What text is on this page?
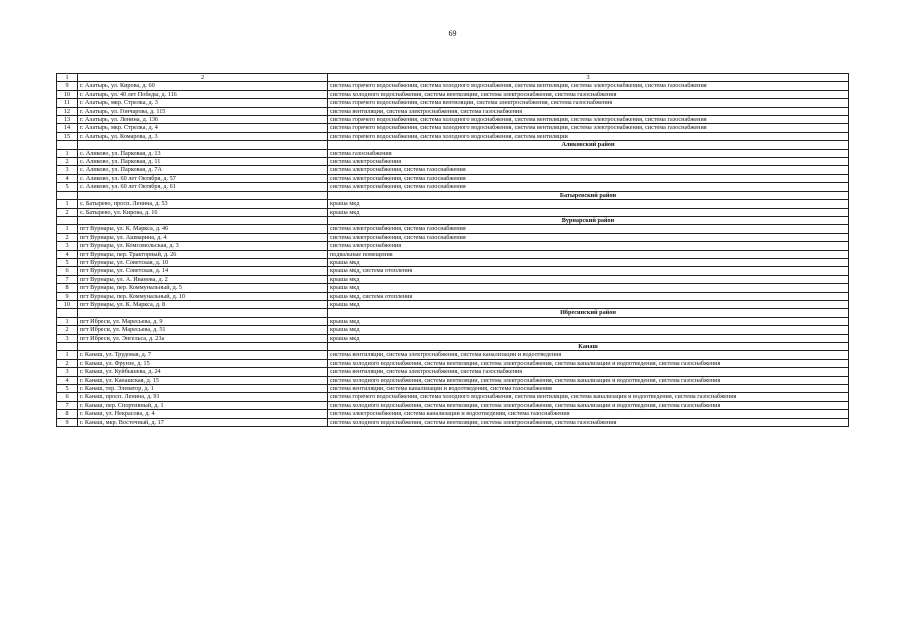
69
1	2	3
9	г. Алатырь, ул. Кирова, д. 60	система горячего водоснабжения, система холодного водоснабжения, система вентиляции, система электроснабжения, система газоснабжения
10	г. Алатырь, ул. 40 лет Победы, д. 116	система холодного водоснабжения, система вентиляции, система электроснабжения, система газоснабжения
11	г. Алатырь, мкр. Стрелка, д. 3	система горячего водоснабжения, система вентиляции, система электроснабжения, система газоснабжения
12	г. Алатырь, ул. Гончарова, д. 115	система вентиляции, система электроснабжения, система газоснабжения
13	г. Алатырь, ул. Ленина, д. 136	система горячего водоснабжения, система холодного водоснабжения, система вентиляции, система электроснабжения, система газоснабжения
14	г. Алатырь, мкр. Стрелка, д. 4	система горячего водоснабжения, система холодного водоснабжения, система вентиляции, система электроснабжения, система газоснабжения
15	г. Алатырь, ул. Комарова, д. 3	система горячего водоснабжения, система холодного водоснабжения, система вентиляции
		Аликовский район
1	с. Аликово, ул. Парковая, д. 13	система газоснабжения
2	с. Аликово, ул. Парковая, д. 11	система электроснабжения
3	с. Аликово, ул. Парковая, д. 7А	система электроснабжения, система газоснабжения
4	с. Аликово, ул. 60 лет Октября, д. 57	система электроснабжения, система газоснабжения
5	с. Аликово, ул. 60 лет Октября, д. 61	система электроснабжения, система газоснабжения
		Батыревский район
1	с. Батырево, просп. Ленина, д. 53	крыша мкд
2	с. Батырево, ул. Кирова, д. 16	крыша мкд
		Вурнарский район
1	пгт Вурнары, ул. К. Маркса, д. 46	система электроснабжения, система газоснабжения
2	пгт Вурнары, ул. Ашмарина, д. 4	система электроснабжения, система газоснабжения
3	пгт Вурнары, ул. Комсомольская, д. 3	система электроснабжения
4	пгт Вурнары, пер. Тракторный, д. 26	подвальные помещения
5	пгт Вурнары, ул. Советская, д. 10	крыша мкд
6	пгт Вурнары, ул. Советская, д. 14	крыша мкд, система отопления
7	пгт Вурнары, ул. А. Иванова, д. 2	крыша мкд
8	пгт Вурнары, пер. Коммунальный, д. 5	крыша мкд
9	пгт Вурнары, пер. Коммунальный, д. 10	крыша мкд, система отопления
10	пгт Вурнары, ул. К. Маркса, д. 8	крыша мкд
		Ибресинский район
1	пгт Ибреси, ул. Маресьева, д. 9	крыша мкд
2	пгт Ибреси, ул. Маресьева, д. 51	крыша мкд
3	пгт Ибреси, ул. Энгельса, д. 23а	крыша мкд
		Канаш
1	г. Канаш, ул. Трудовая, д. 7	система вентиляции, система электроснабжения, система канализации и водоотведения
2	г. Канаш, ул. Фрунзе, д. 15	система холодного водоснабжения, система вентиляции, система электроснабжения, система канализации и водоотведения, система газоснабжения
3	г. Канаш, ул. Куйбышева, д. 24	система вентиляции, система электроснабжения, система газоснабжения
4	г. Канаш, ул. Канашская, д. 15	система холодного водоснабжения, система вентиляции, система электроснабжения, система канализации и водоотведения, система газоснабжения
5	г. Канаш, тер. Элеватор, д. 1	система вентиляции, система канализации и водоотведения, система газоснабжения
6	г. Канаш, просп. Ленина, д. 91	система горячего водоснабжения, система холодного водоснабжения, система вентиляции, система канализации и водоотведения, система газоснабжения
7	г. Канаш, пер. Спортивный, д. 1	система холодного водоснабжения, система вентиляции, система электроснабжения, система канализации и водоотведения, система газоснабжения
8	г. Канаш, ул. Некрасова, д. 4	система электроснабжения, система канализации и водоотведения, система газоснабжения
9	г. Канаш, мкр. Восточный, д. 17	система холодного водоснабжения, система вентиляции, система электроснабжения, система газоснабжения
